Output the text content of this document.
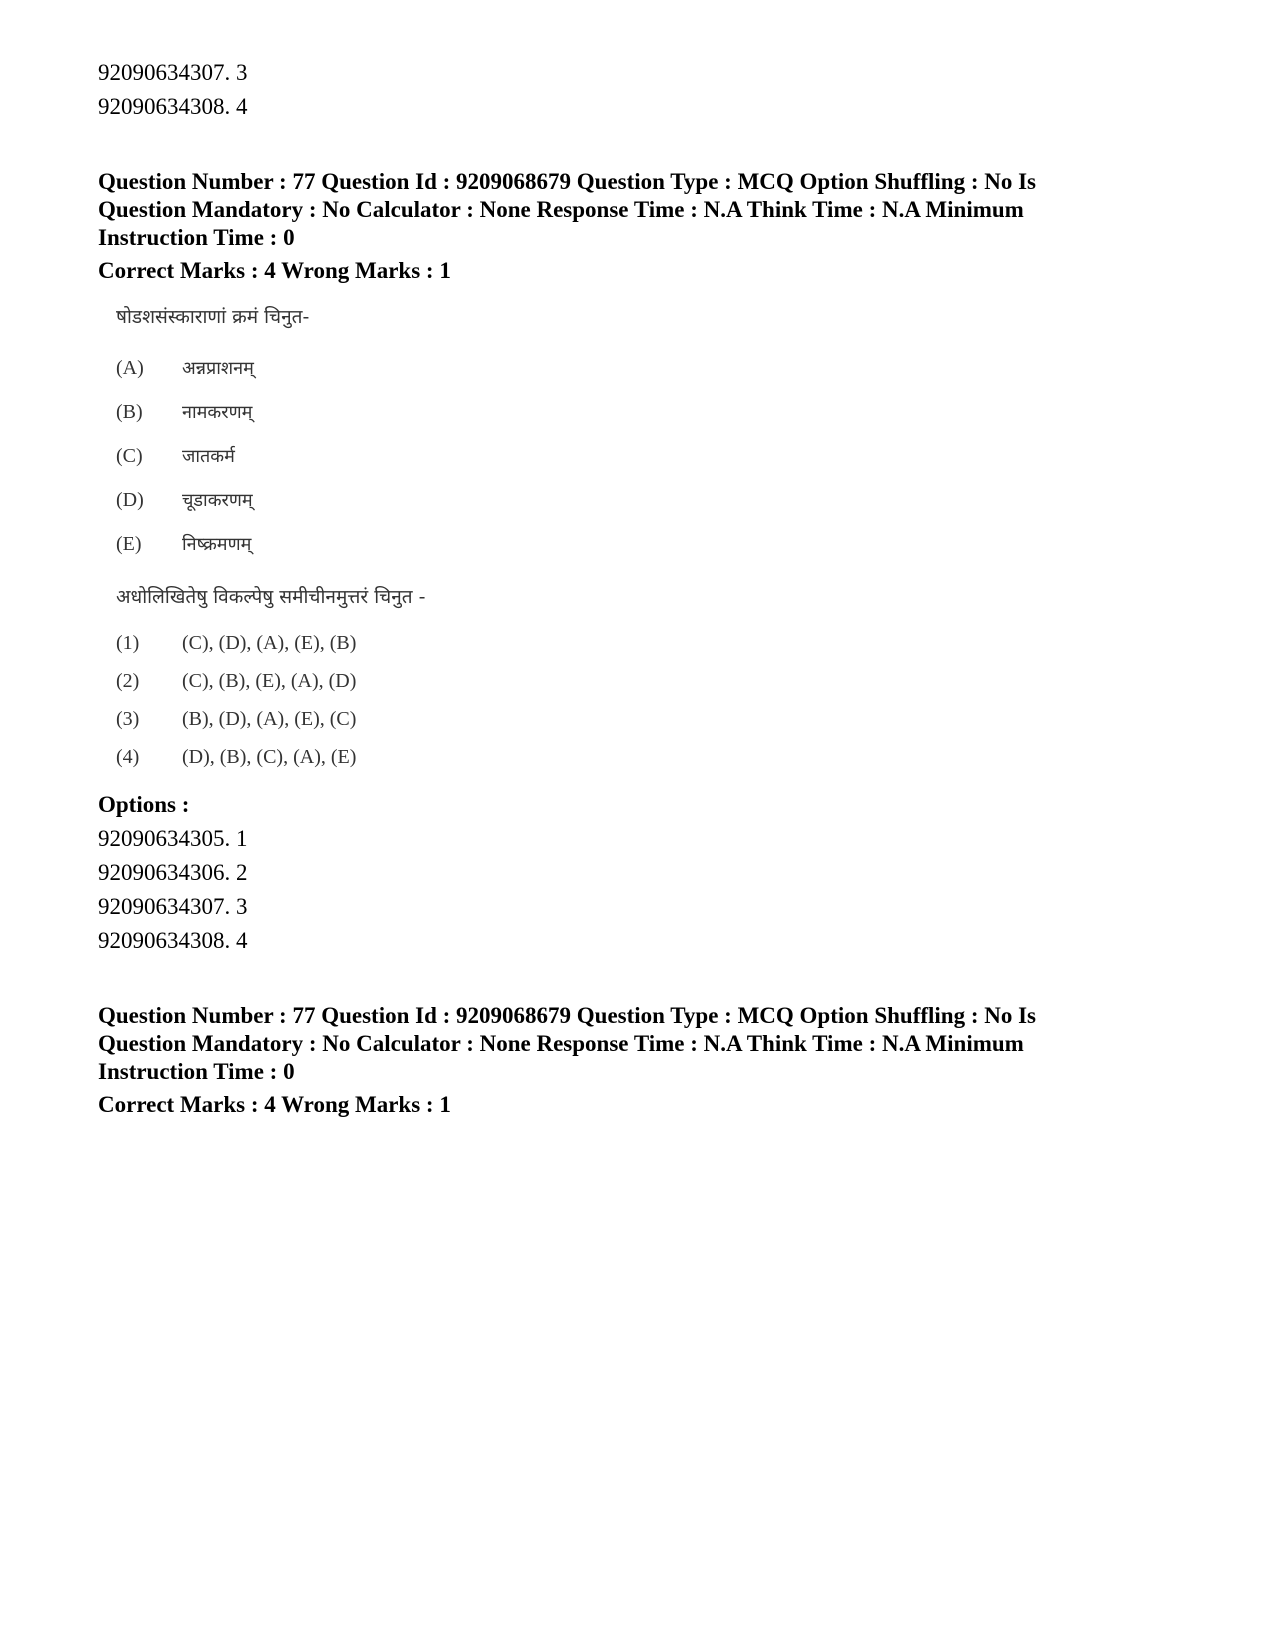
92090634307. 3
92090634308. 4
Question Number : 77 Question Id : 9209068679 Question Type : MCQ Option Shuffling : No Is
Question Mandatory : No Calculator : None Response Time : N.A Think Time : N.A Minimum
Instruction Time : 0
Correct Marks : 4 Wrong Marks : 1
षोडशसंस्काराणां क्रमं चिनुत-
(A)	अन्नप्राशनम्
(B)	नामकरणम्
(C)	जातकर्म
(D)	चूडाकरणम्
(E)	निष्क्रमणम्
अधोलिखितेषु विकल्पेषु समीचीनमुत्तरं चिनुत -
(1)	(C), (D), (A), (E), (B)
(2)	(C), (B), (E), (A), (D)
(3)	(B), (D), (A), (E), (C)
(4)	(D), (B), (C), (A), (E)
Options :
92090634305. 1
92090634306. 2
92090634307. 3
92090634308. 4
Question Number : 77 Question Id : 9209068679 Question Type : MCQ Option Shuffling : No Is
Question Mandatory : No Calculator : None Response Time : N.A Think Time : N.A Minimum
Instruction Time : 0
Correct Marks : 4 Wrong Marks : 1
